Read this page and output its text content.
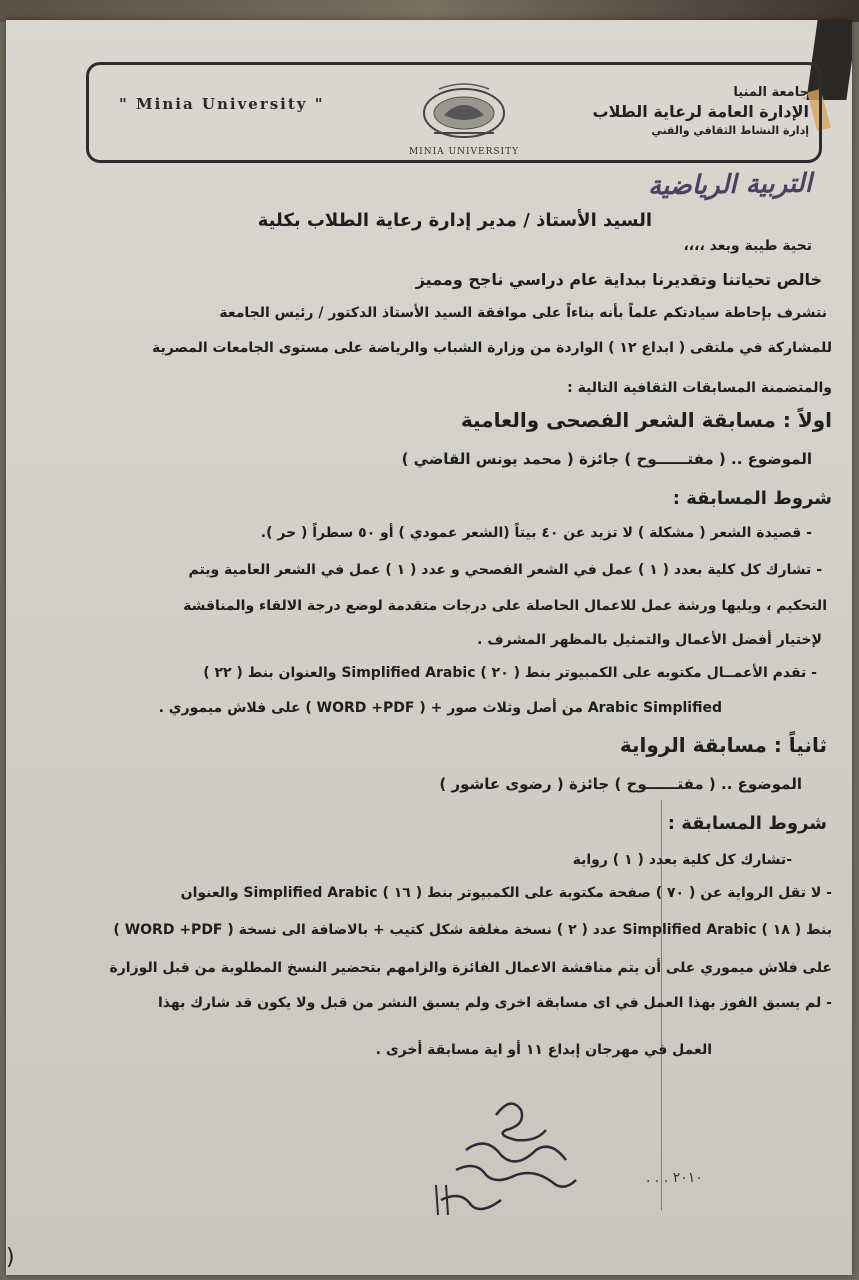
" Minia University "
MINIA UNIVERSITY
جامعة المنيا
الإدارة العامة لرعاية الطلاب
إدارة النشاط الثقافي والفني
التربية الرياضية
السيد الأستاذ / مدير إدارة رعاية الطلاب بكلية
تحية طيبة وبعد ،،،،
خالص تحياتنا وتقديرنا ببداية عام دراسي ناجح ومميز
نتشرف بإحاطة سيادتكم علماً بأنه بناءاً على موافقة السيد الأستاذ الدكتور / رئيس الجامعة
للمشاركة في ملتقى ( ابداع ١٢ ) الواردة من وزارة الشباب والرياضة على مستوى الجامعات المصرية
والمتضمنة المسابقات الثقافية التالية :
اولاً : مسابقة الشعر الفصحى والعامية
الموضوع .. ( مفتــــــوح ) جائزة ( محمد يونس القاضي )
شروط المسابقة :
- قصيدة الشعر ( مشكلة ) لا تزيد عن ٤٠ بيتاً (الشعر عمودي ) أو ٥٠ سطراً ( حر ).
- تشارك كل كلية بعدد ( ١ ) عمل في الشعر الفصحي و عدد ( ١ ) عمل في الشعر العامية ويتم
التحكيم ، ويليها ورشة عمل للاعمال الحاصلة على درجات متقدمة لوضع درجة الالقاء والمناقشة
لإختيار أفضل الأعمال والتمثيل بالمظهر المشرف .
- تقدم الأعمــال مكتوبه على الكمبيوتر بنط ( ٢٠ ) Simplified Arabic والعنوان بنط ( ٢٢ )
Arabic Simplified من أصل وثلاث صور + ( WORD +PDF ) على فلاش ميموري .
ثانياً : مسابقة الرواية
الموضوع .. ( مفتــــــوح ) جائزة ( رضوى عاشور )
شروط المسابقة :
-تشارك كل كلية بعدد ( ١ ) رواية
- لا تقل الرواية عن ( ٧٠ ) صفحة مكتوبة على الكمبيوتر بنط ( ١٦ ) Simplified Arabic والعنوان
بنط ( ١٨ ) Simplified Arabic عدد ( ٢ ) نسخة مغلفة شكل كتيب + بالاضافة الى نسخة ( WORD +PDF )
على فلاش ميموري على أن يتم مناقشة الاعمال الفائزة والزامهم بتحضير النسخ المطلوبة من قبل الوزارة
- لم يسبق الفوز بهذا العمل في اى مسابقة اخرى ولم يسبق النشر من قبل ولا يكون قد شارك بهذا
العمل في مهرجان إبداع ١١ أو اية مسابقة أخرى .
. . . ٢٠١٠
)
